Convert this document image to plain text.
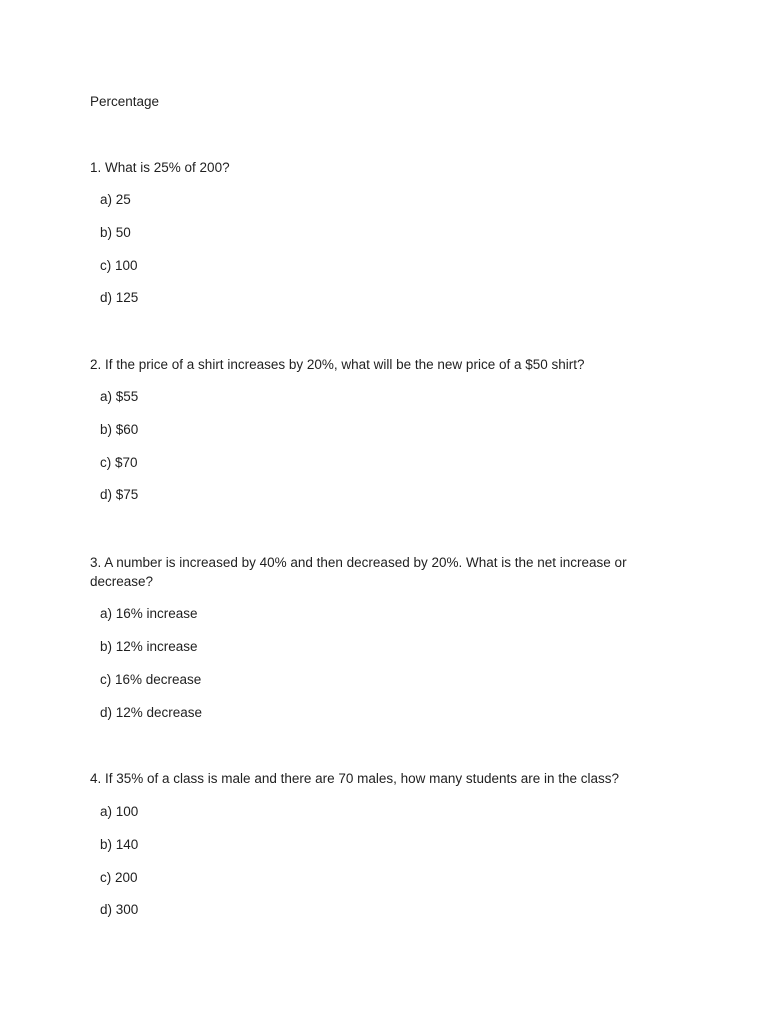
Percentage

1. What is 25% of 200?

a) 25
b) 50
c) 100
d) 125

2. If the price of a shirt increases by 20%, what will be the new price of a $50 shirt?

a) $55
b) $60
c) $70
d) $75

3. A number is increased by 40% and then decreased by 20%. What is the net increase or decrease?

a) 16% increase
b) 12% increase
c) 16% decrease
d) 12% decrease

4. If 35% of a class is male and there are 70 males, how many students are in the class?

a) 100
b) 140
c) 200
d) 300
